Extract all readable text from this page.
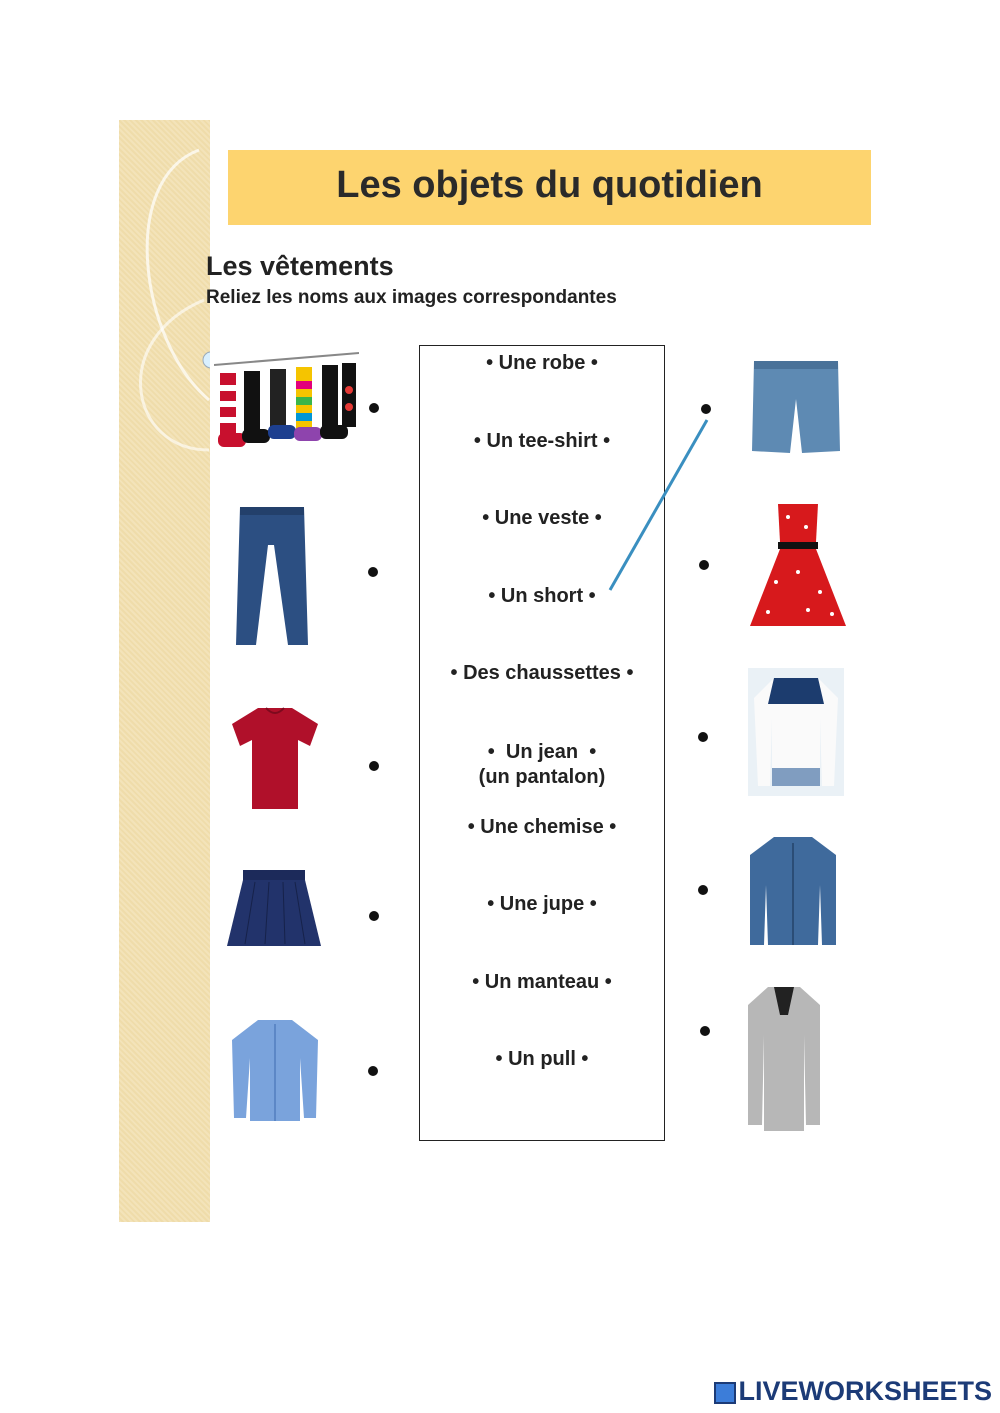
Les objets du quotidien
Les vêtements
Reliez les noms aux images correspondantes
• Une robe •
• Un tee-shirt •
• Une veste •
• Un short •
• Des chaussettes •
•  Un jean  •
(un pantalon)
• Une chemise •
• Une jupe •
• Un manteau •
• Un pull •
LIVEWORKSHEETS
